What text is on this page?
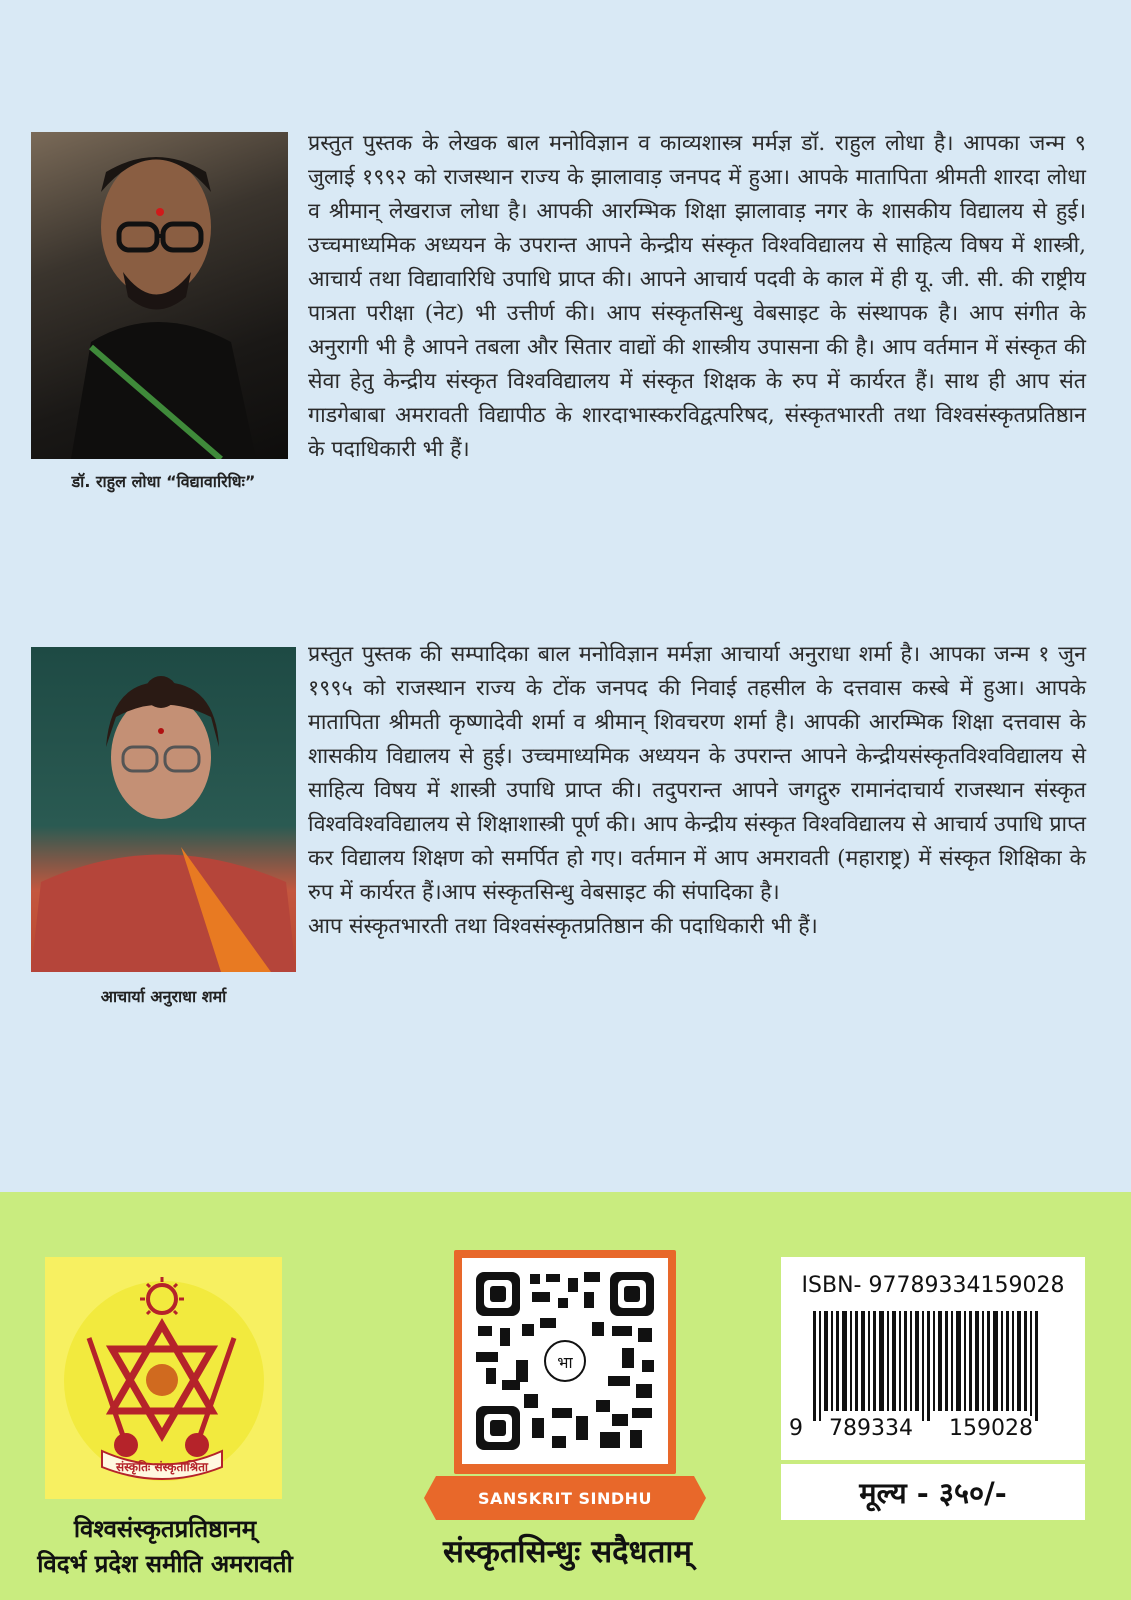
डॉ. राहुल लोधा “विद्यावारिधिः”

प्रस्तुत पुस्तक के लेखक बाल मनोविज्ञान व काव्यशास्त्र मर्मज्ञ डॉ. राहुल लोधा है। आपका जन्म ९ जुलाई १९९२ को राजस्थान राज्य के झालावाड़ जनपद में हुआ। आपके मातापिता श्रीमती शारदा लोधा व श्रीमान् लेखराज लोधा है। आपकी आरम्भिक शिक्षा झालावाड़ नगर के शासकीय विद्यालय से हुई। उच्चमाध्यमिक अध्ययन के उपरान्त आपने केन्द्रीय संस्कृत विश्वविद्यालय से साहित्य विषय में शास्त्री, आचार्य तथा विद्यावारिधि उपाधि प्राप्त की। आपने आचार्य पदवी के काल में ही यू. जी. सी. की राष्ट्रीय पात्रता परीक्षा (नेट) भी उत्तीर्ण की। आप संस्कृतसिन्धु वेबसाइट के संस्थापक है। आप संगीत के अनुरागी भी है आपने तबला और सितार वाद्यों की शास्त्रीय उपासना की है। आप वर्तमान में संस्कृत की सेवा हेतु केन्द्रीय संस्कृत विश्वविद्यालय में संस्कृत शिक्षक के रुप में कार्यरत हैं। साथ ही आप संत गाडगेबाबा अमरावती विद्यापीठ के शारदाभास्करविद्वत्परिषद, संस्कृतभारती तथा विश्वसंस्कृतप्रतिष्ठान के पदाधिकारी भी हैं।

आचार्या अनुराधा शर्मा
प्रस्तुत पुस्तक की सम्पादिका बाल मनोविज्ञान मर्मज्ञा आचार्या अनुराधा शर्मा है। आपका जन्म १ जुन १९९५ को राजस्थान राज्य के टोंक जनपद की निवाई तहसील के दत्तवास कस्बे में हुआ। आपके मातापिता श्रीमती कृष्णादेवी शर्मा व श्रीमान् शिवचरण शर्मा है। आपकी आरम्भिक शिक्षा दत्तवास के शासकीय विद्यालय से हुई। उच्चमाध्यमिक अध्ययन के उपरान्त आपने केन्द्रीयसंस्कृतविश्वविद्यालय से साहित्य विषय में शास्त्री उपाधि प्राप्त की। तदुपरान्त आपने जगद्गुरु रामानंदाचार्य राजस्थान संस्कृत विश्वविश्वविद्यालय से शिक्षाशास्त्री पूर्ण की। आप केन्द्रीय संस्कृत विश्वविद्यालय से आचार्य उपाधि प्राप्त कर विद्यालय शिक्षण को समर्पित हो गए। वर्तमान में आप अमरावती (महाराष्ट्र) में संस्कृत शिक्षिका के रुप में कार्यरत हैं।आप संस्कृतसिन्धु वेबसाइट की संपादिका है।
आप संस्कृतभारती तथा विश्वसंस्कृतप्रतिष्ठान की पदाधिकारी भी हैं।
संस्कृतिः संस्कृताश्रिता
विश्वसंस्कृतप्रतिष्ठानम्
विदर्भ प्रदेश समीति अमरावती
भा
SANSKRIT SINDHU
संस्कृतसिन्धुः सदैधताम्
ISBN- 97789334159028
9 789334 159028
मूल्य - ३५०/-
